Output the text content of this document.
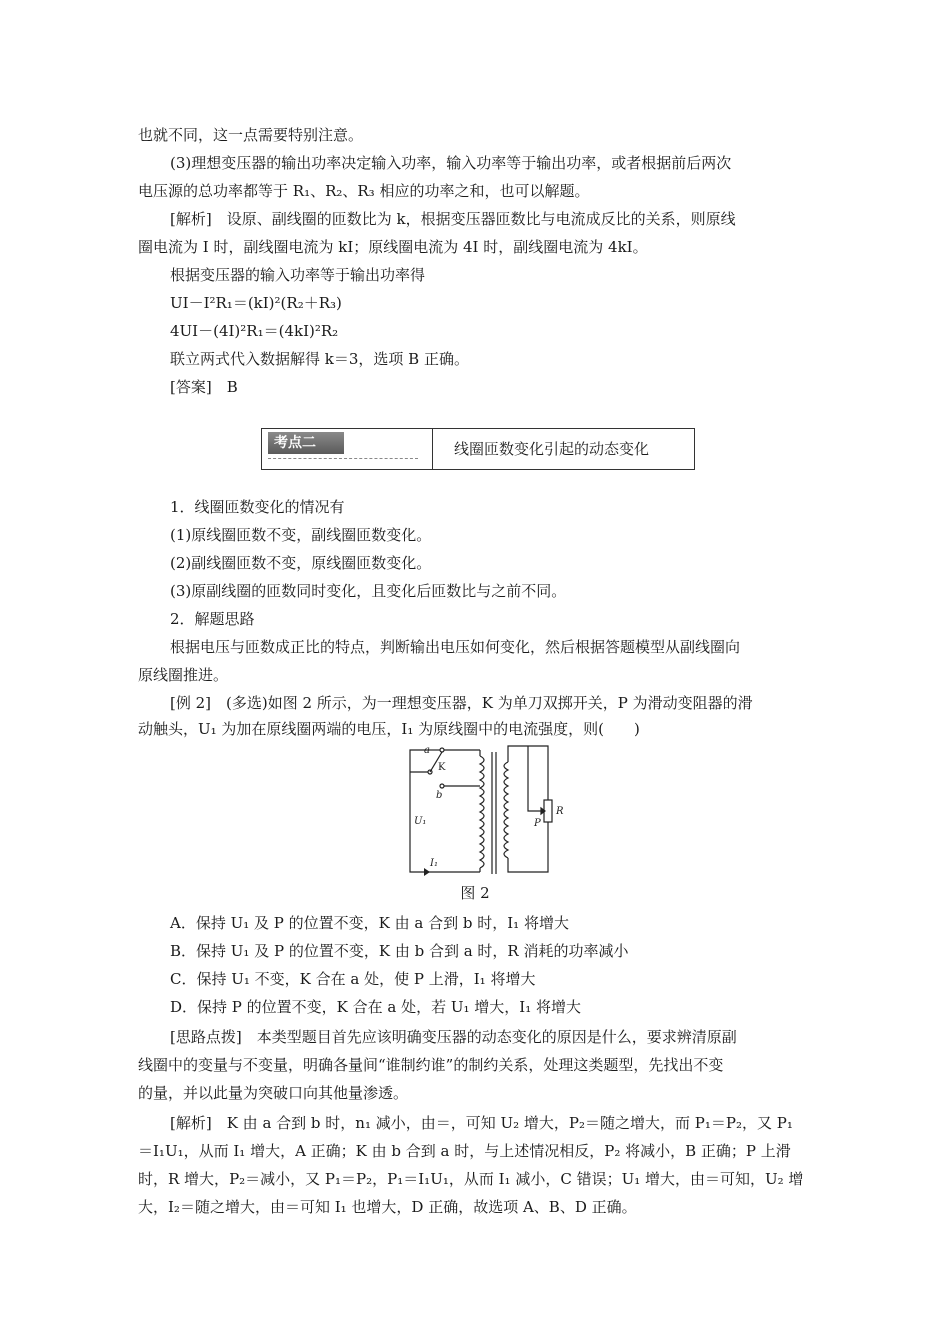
也就不同，这一点需要特别注意。
(3)理想变压器的输出功率决定输入功率，输入功率等于输出功率，或者根据前后两次
电压源的总功率都等于 R₁、R₂、R₃ 相应的功率之和，也可以解题。
[解析]　设原、副线圈的匝数比为 k，根据变压器匝数比与电流成反比的关系，则原线
圈电流为 I 时，副线圈电流为 kI；原线圈电流为 4I 时，副线圈电流为 4kI。
根据变压器的输入功率等于输出功率得
UI－I²R₁＝(kI)²(R₂＋R₃)
4UI－(4I)²R₁＝(4kI)²R₂
联立两式代入数据解得 k＝3，选项 B 正确。
[答案]　B
1．线圈匝数变化的情况有
(1)原线圈匝数不变，副线圈匝数变化。
(2)副线圈匝数不变，原线圈匝数变化。
(3)原副线圈的匝数同时变化，且变化后匝数比与之前不同。
2．解题思路
根据电压与匝数成正比的特点，判断输出电压如何变化，然后根据答题模型从副线圈向
原线圈推进。
[例 2]　(多选)如图 2 所示，为一理想变压器，K 为单刀双掷开关，P 为滑动变阻器的滑
动触头，U₁ 为加在原线圈两端的电压，I₁ 为原线圈中的电流强度，则(　　)
A．保持 U₁ 及 P 的位置不变，K 由 a 合到 b 时，I₁ 将增大
B．保持 U₁ 及 P 的位置不变，K 由 b 合到 a 时，R 消耗的功率减小
C．保持 U₁ 不变，K 合在 a 处，使 P 上滑，I₁ 将增大
D．保持 P 的位置不变，K 合在 a 处，若 U₁ 增大，I₁ 将增大
[思路点拨]　本类型题目首先应该明确变压器的动态变化的原因是什么，要求辨清原副
线圈中的变量与不变量，明确各量间“谁制约谁”的制约关系，处理这类题型，先找出不变
的量，并以此量为突破口向其他量渗透。
[解析]　K 由 a 合到 b 时，n₁ 减小，由＝，可知 U₂ 增大，P₂＝随之增大，而 P₁＝P₂，又 P₁
＝I₁U₁，从而 I₁ 增大，A 正确；K 由 b 合到 a 时，与上述情况相反，P₂ 将减小，B 正确；P 上滑
时，R 增大，P₂＝减小，又 P₁＝P₂，P₁＝I₁U₁，从而 I₁ 减小，C 错误；U₁ 增大，由＝可知，U₂ 增
大，I₂＝随之增大，由＝可知 I₁ 也增大，D 正确，故选项 A、B、D 正确。
考点二	线圈匝数变化引起的动态变化
a
K
b
U₁
I₁
P
R
图 2
